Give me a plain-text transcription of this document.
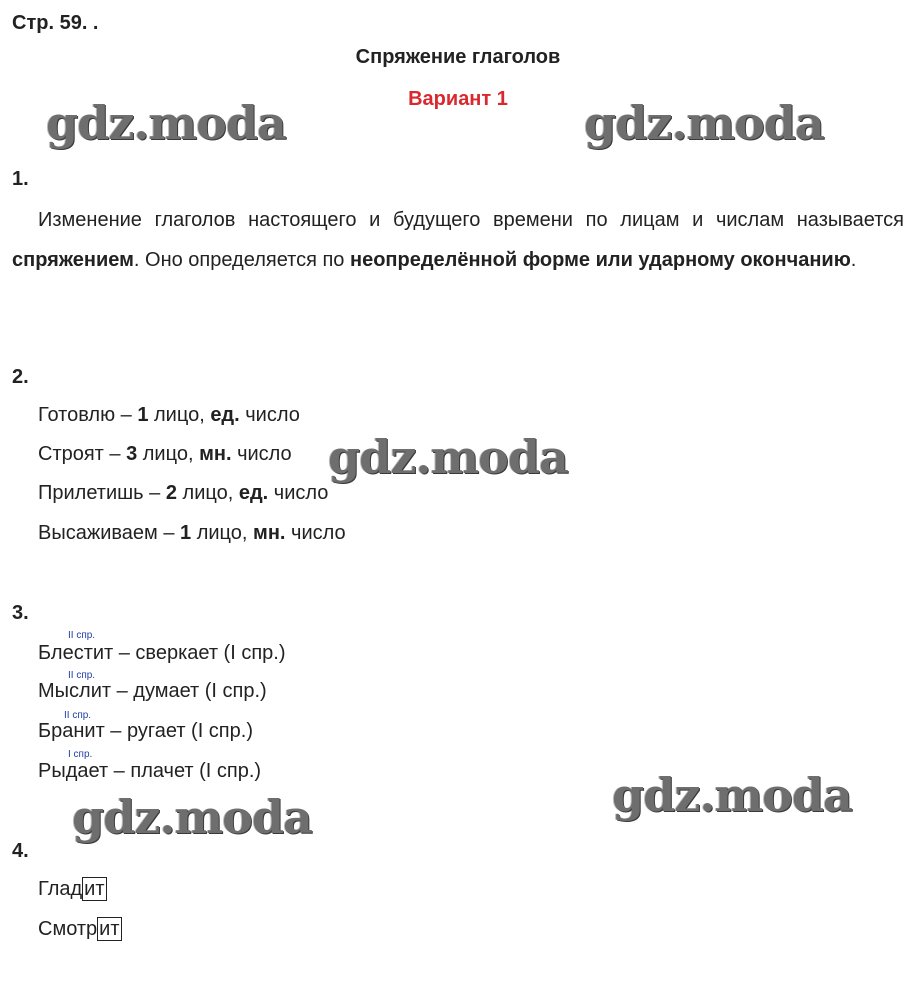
Стр. 59. .
Спряжение глаголов
Вариант 1
gdz.moda	gdz.moda
gdz.moda
gdz.moda
gdz.moda
1.
Изменение глаголов настоящего и будущего времени по лицам и числам называется спряжением. Оно определяется по неопределённой форме или ударному окончанию.
2.
Готовлю – 1 лицо, ед. число
Строят – 3 лицо, мн. число
Прилетишь – 2 лицо, ед. число
Высаживаем – 1 лицо, мн. число
3.
II спр.
Блестит – сверкает (I спр.)
II спр.
Мыслит – думает (I спр.)
II спр.
Бранит – ругает (I спр.)
I спр.
Рыдает – плачет (I спр.)
4.
Глад ит
Смотр ит
